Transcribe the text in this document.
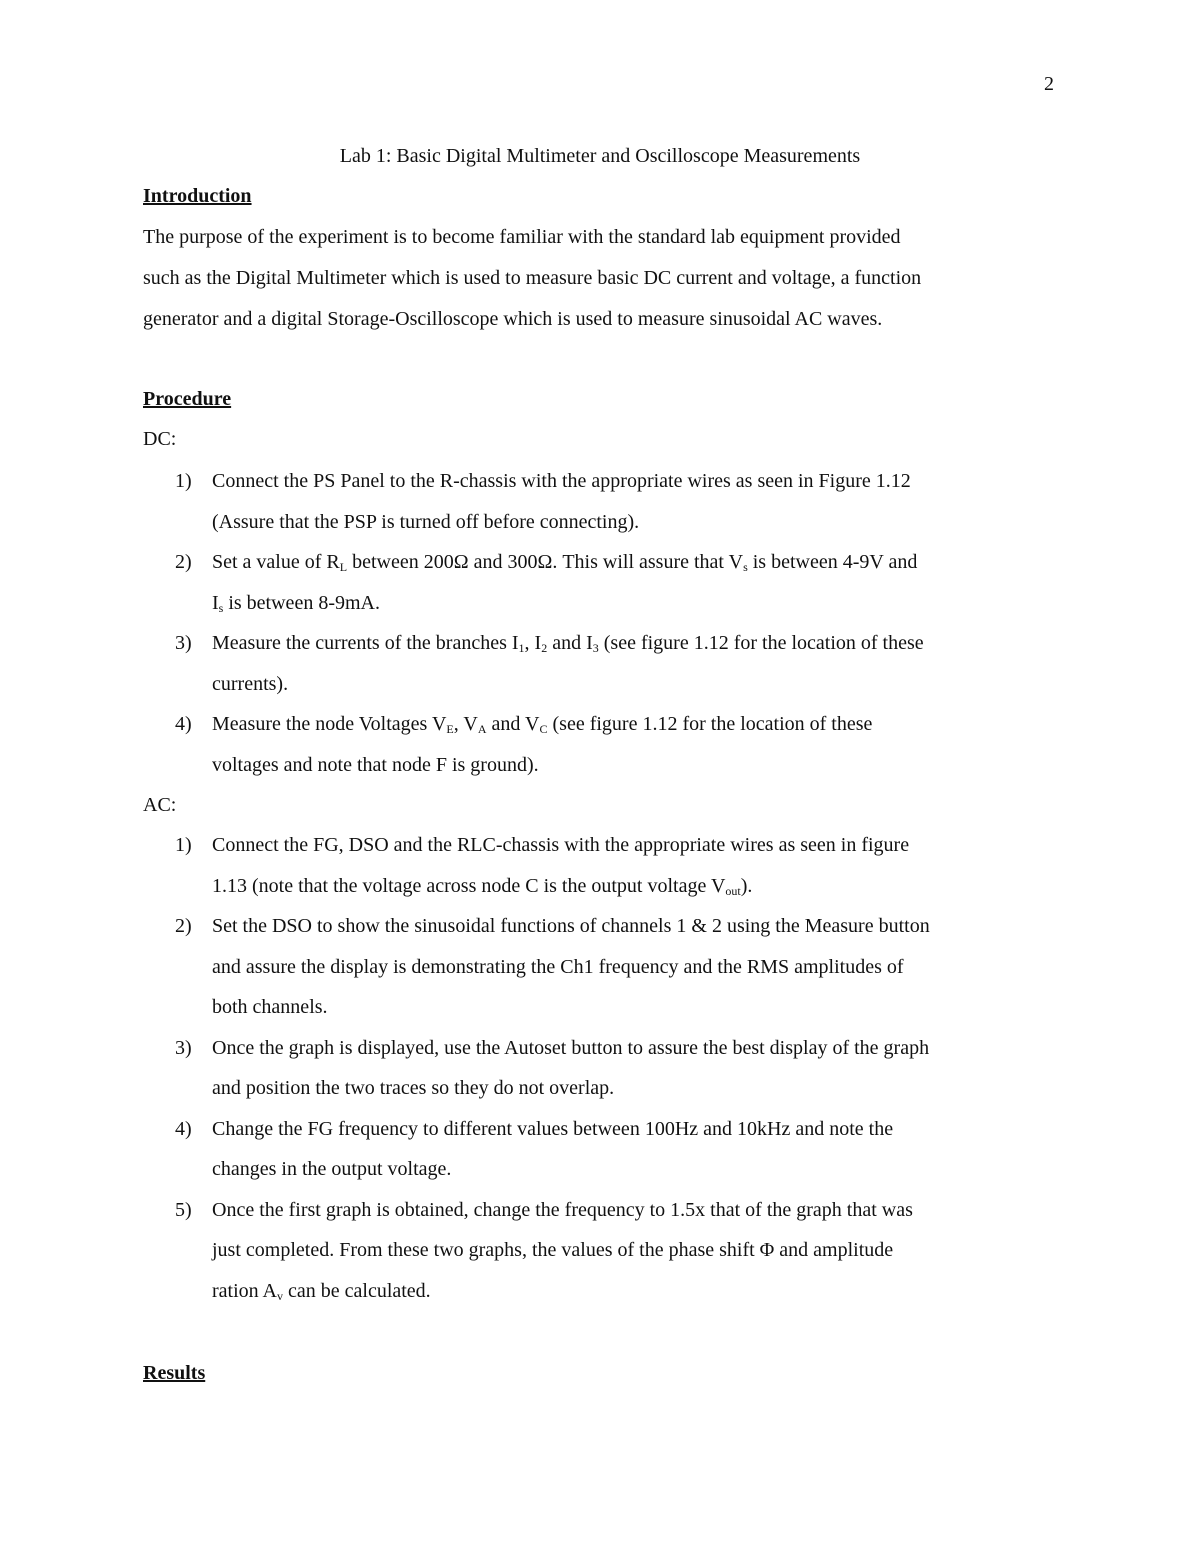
2
Lab 1: Basic Digital Multimeter and Oscilloscope Measurements
Introduction
The purpose of the experiment is to become familiar with the standard lab equipment provided
such as the Digital Multimeter which is used to measure basic DC current and voltage, a function
generator and a digital Storage-Oscilloscope which is used to measure sinusoidal AC waves.
Procedure
DC:
1) Connect the PS Panel to the R-chassis with the appropriate wires as seen in Figure 1.12
(Assure that the PSP is turned off before connecting).
2) Set a value of $R_L$ between 200Ω and 300Ω. This will assure that $V_s$ is between 4-9V and
$I_s$ is between 8-9mA.
3) Measure the currents of the branches $I_1$, $I_2$ and $I_3$ (see figure 1.12 for the location of these
currents).
4) Measure the node Voltages $V_E$, $V_A$ and $V_C$ (see figure 1.12 for the location of these
voltages and note that node F is ground).
AC:
1) Connect the FG, DSO and the RLC-chassis with the appropriate wires as seen in figure
1.13 (note that the voltage across node C is the output voltage $V_{out}$).
2) Set the DSO to show the sinusoidal functions of channels 1 & 2 using the Measure button
and assure the display is demonstrating the Ch1 frequency and the RMS amplitudes of
both channels.
3) Once the graph is displayed, use the Autoset button to assure the best display of the graph
and position the two traces so they do not overlap.
4) Change the FG frequency to different values between 100Hz and 10kHz and note the
changes in the output voltage.
5) Once the first graph is obtained, change the frequency to 1.5x that of the graph that was
just completed. From these two graphs, the values of the phase shift Φ and amplitude
ration $A_v$ can be calculated.
Results
